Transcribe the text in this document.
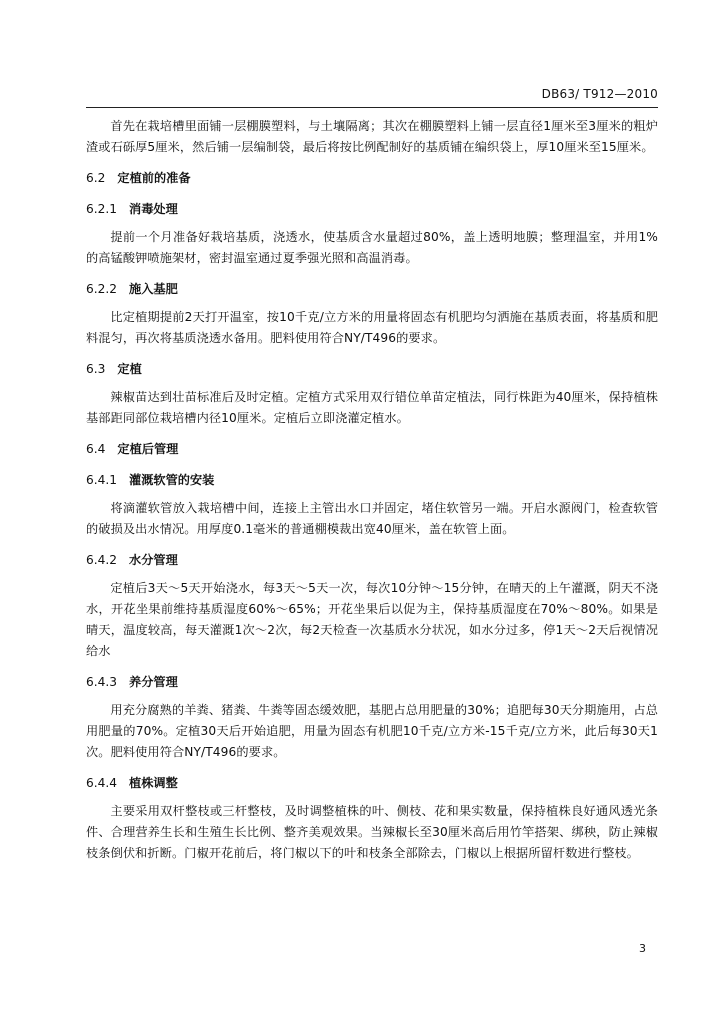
DB63/ T912—2010

首先在栽培槽里面铺一层棚膜塑料，与土壤隔离；其次在棚膜塑料上铺一层直径1厘米至3厘米的粗炉渣或石砾厚5厘米，然后铺一层编制袋，最后将按比例配制好的基质铺在编织袋上，厚10厘米至15厘米。

6.2 定植前的准备

6.2.1 消毒处理

提前一个月准备好栽培基质，浇透水，使基质含水量超过80%，盖上透明地膜；整理温室，并用1%的高锰酸钾喷施架材，密封温室通过夏季强光照和高温消毒。

6.2.2 施入基肥

比定植期提前2天打开温室，按10千克/立方米的用量将固态有机肥均匀洒施在基质表面，将基质和肥料混匀，再次将基质浇透水备用。肥料使用符合NY/T496的要求。

6.3 定植

辣椒苗达到壮苗标准后及时定植。定植方式采用双行错位单苗定植法，同行株距为40厘米，保持植株基部距同部位栽培槽内径10厘米。定植后立即浇灌定植水。

6.4 定植后管理

6.4.1 灌溉软管的安装

将滴灌软管放入栽培槽中间，连接上主管出水口并固定，堵住软管另一端。开启水源阀门，检查软管的破损及出水情况。用厚度0.1毫米的普通棚模裁出宽40厘米，盖在软管上面。

6.4.2 水分管理

定植后3天～5天开始浇水，每3天～5天一次，每次10分钟～15分钟，在晴天的上午灌溉，阴天不浇水，开花坐果前维持基质湿度60%～65%；开花坐果后以促为主，保持基质湿度在70%～80%。如果是晴天，温度较高，每天灌溉1次～2次，每2天检查一次基质水分状况，如水分过多，停1天～2天后视情况给水

6.4.3 养分管理

用充分腐熟的羊粪、猪粪、牛粪等固态缓效肥，基肥占总用肥量的30%；追肥每30天分期施用，占总用肥量的70%。定植30天后开始追肥，用量为固态有机肥10千克/立方米-15千克/立方米，此后每30天1次。肥料使用符合NY/T496的要求。

6.4.4 植株调整

主要采用双杆整枝或三杆整枝，及时调整植株的叶、侧枝、花和果实数量，保持植株良好通风透光条件、合理营养生长和生殖生长比例、整齐美观效果。当辣椒长至30厘米高后用竹竿搭架、绑秧，防止辣椒枝条倒伏和折断。门椒开花前后，将门椒以下的叶和枝条全部除去，门椒以上根据所留杆数进行整枝。

3
